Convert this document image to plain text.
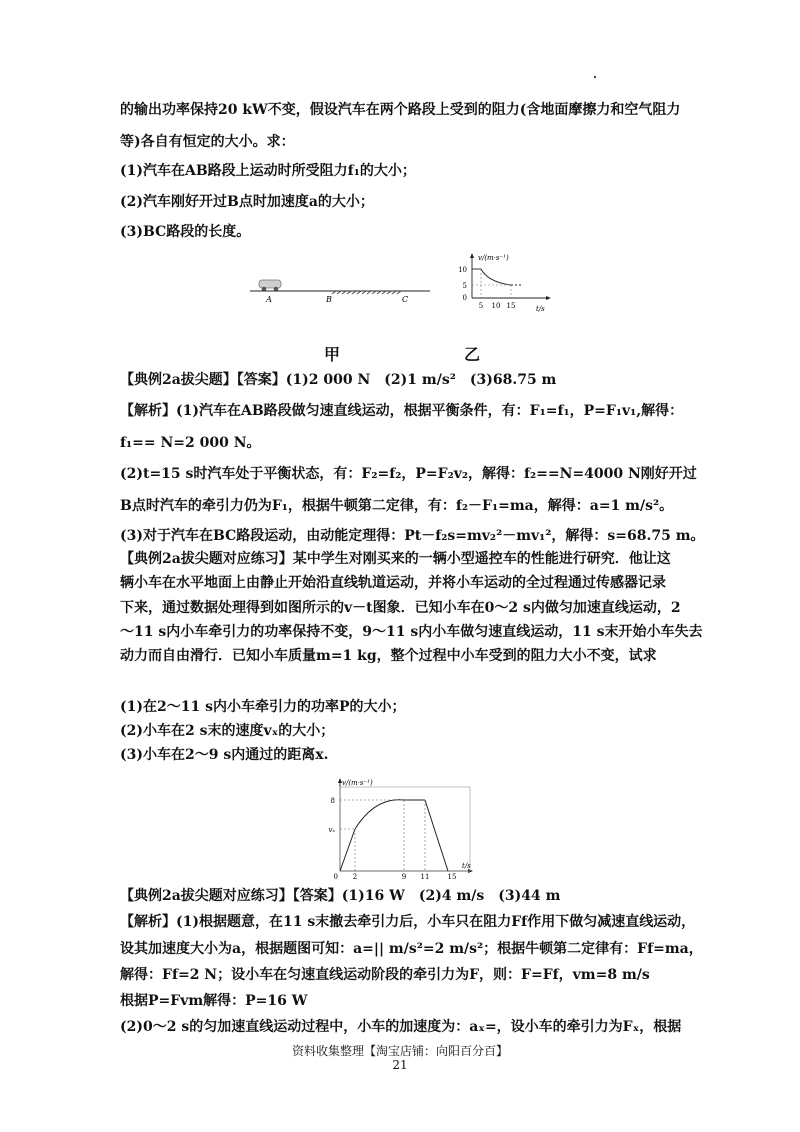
的输出功率保持20 kW不变，假设汽车在两个路段上受到的阻力(含地面摩擦力和空气阻力
等)各自有恒定的大小。求：
(1)汽车在AB路段上运动时所受阻力f₁的大小；
(2)汽车刚好开过B点时加速度a的大小；
(3)BC路段的长度。
A	B	C
v/(m·s⁻¹)
t/s
10
5
0
5 10 15
甲	乙
【典例2a拔尖题】【答案】(1)2 000 N　(2)1 m/s²　(3)68.75 m
【解析】(1)汽车在AB路段做匀速直线运动，根据平衡条件，有：F₁=f₁，P=F₁v₁,解得：
f₁== N=2 000 N。
(2)t=15 s时汽车处于平衡状态，有：F₂=f₂，P=F₂v₂，解得：f₂==N=4000 N刚好开过
B点时汽车的牵引力仍为F₁，根据牛顿第二定律，有：f₂－F₁=ma，解得：a=1 m/s²。
(3)对于汽车在BC路段运动，由动能定理得：Pt－f₂s=mv₂²－mv₁²，解得：s=68.75 m。
【典例2a拔尖题对应练习】某中学生对刚买来的一辆小型遥控车的性能进行研究．他让这
辆小车在水平地面上由静止开始沿直线轨道运动，并将小车运动的全过程通过传感器记录
下来，通过数据处理得到如图所示的v－t图象．已知小车在0～2 s内做匀加速直线运动，2
～11 s内小车牵引力的功率保持不变，9～11 s内小车做匀速直线运动，11 s末开始小车失去
动力而自由滑行．已知小车质量m=1 kg，整个过程中小车受到的阻力大小不变，试求
(1)在2～11 s内小车牵引力的功率P的大小；
(2)小车在2 s末的速度vₓ的大小；
(3)小车在2～9 s内通过的距离x.
v/(m·s⁻¹)
t/s
8
vₓ
0 2	9 11	15
【典例2a拔尖题对应练习】【答案】(1)16 W　(2)4 m/s　(3)44 m
【解析】(1)根据题意，在11 s末撤去牵引力后，小车只在阻力Ff作用下做匀减速直线运动，
设其加速度大小为a，根据题图可知：a=|| m/s²=2 m/s²；根据牛顿第二定律有：Ff=ma，
解得：Ff=2 N；设小车在匀速直线运动阶段的牵引力为F，则：F=Ff，vm=8 m/s
根据P=Fvm解得：P=16 W
(2)0～2 s的匀加速直线运动过程中，小车的加速度为：aₓ=，设小车的牵引力为Fₓ，根据
资料收集整理【淘宝店铺：向阳百分百】
21
